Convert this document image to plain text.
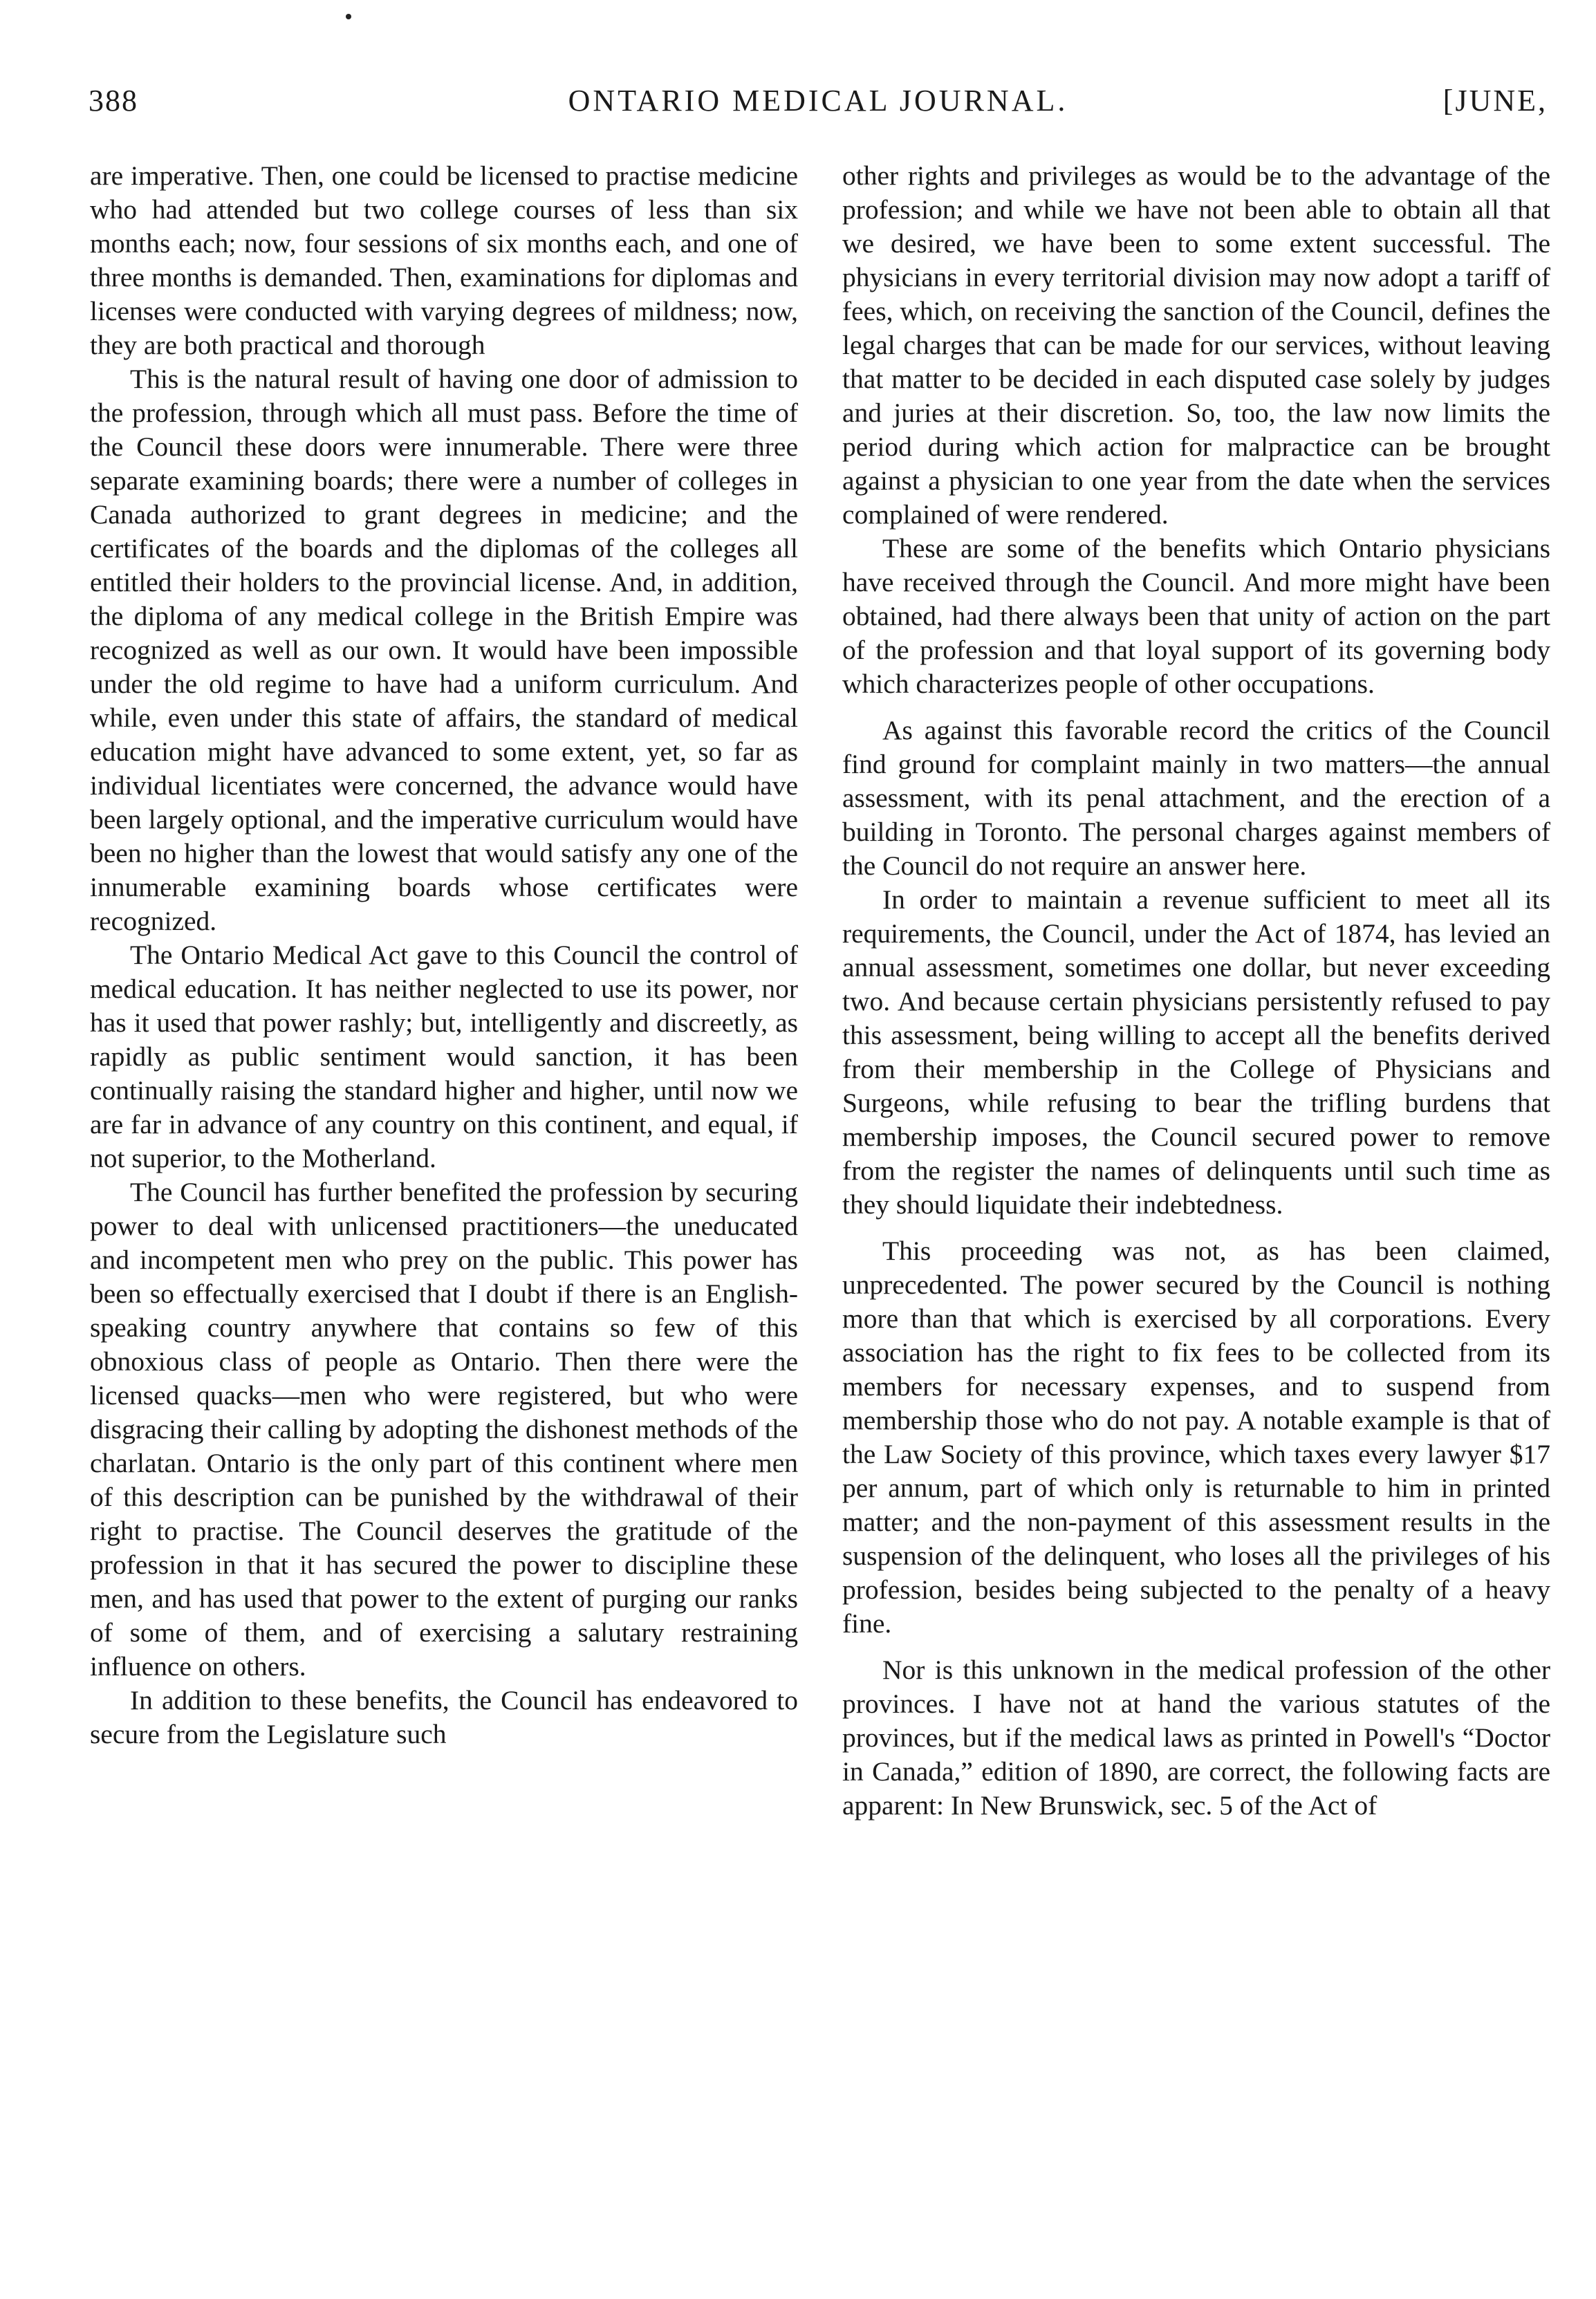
388	ONTARIO MEDICAL JOURNAL.	[JUNE,

are imperative. Then, one could be licensed to practise medicine who had attended but two college courses of less than six months each; now, four sessions of six months each, and one of three months is demanded. Then, examinations for diplomas and licenses were conducted with varying degrees of mildness; now, they are both practical and thorough

This is the natural result of having one door of admission to the profession, through which all must pass. Before the time of the Council these doors were innumerable. There were three separate examining boards; there were a number of colleges in Canada authorized to grant degrees in medicine; and the certificates of the boards and the diplomas of the colleges all entitled their holders to the provincial license. And, in addition, the diploma of any medical college in the British Empire was recognized as well as our own. It would have been impossible under the old regime to have had a uniform curriculum. And while, even under this state of affairs, the standard of medical education might have advanced to some extent, yet, so far as individual licentiates were concerned, the advance would have been largely optional, and the imperative curriculum would have been no higher than the lowest that would satisfy any one of the innumerable examining boards whose certificates were recognized.

The Ontario Medical Act gave to this Council the control of medical education. It has neither neglected to use its power, nor has it used that power rashly; but, intelligently and discreetly, as rapidly as public sentiment would sanction, it has been continually raising the standard higher and higher, until now we are far in advance of any country on this continent, and equal, if not superior, to the Motherland.

The Council has further benefited the profession by securing power to deal with unlicensed practitioners—the uneducated and incompetent men who prey on the public. This power has been so effectually exercised that I doubt if there is an English-speaking country anywhere that contains so few of this obnoxious class of people as Ontario. Then there were the licensed quacks—men who were registered, but who were disgracing their calling by adopting the dishonest methods of the charlatan. Ontario is the only part of this continent where men of this description can be punished by the withdrawal of their right to practise. The Council deserves the gratitude of the profession in that it has secured the power to discipline these men, and has used that power to the extent of purging our ranks of some of them, and of exercising a salutary restraining influence on others.

In addition to these benefits, the Council has endeavored to secure from the Legislature such

other rights and privileges as would be to the advantage of the profession; and while we have not been able to obtain all that we desired, we have been to some extent successful. The physicians in every territorial division may now adopt a tariff of fees, which, on receiving the sanction of the Council, defines the legal charges that can be made for our services, without leaving that matter to be decided in each disputed case solely by judges and juries at their discretion. So, too, the law now limits the period during which action for malpractice can be brought against a physician to one year from the date when the services complained of were rendered.

These are some of the benefits which Ontario physicians have received through the Council. And more might have been obtained, had there always been that unity of action on the part of the profession and that loyal support of its governing body which characterizes people of other occupations.

As against this favorable record the critics of the Council find ground for complaint mainly in two matters—the annual assessment, with its penal attachment, and the erection of a building in Toronto. The personal charges against members of the Council do not require an answer here.

In order to maintain a revenue sufficient to meet all its requirements, the Council, under the Act of 1874, has levied an annual assessment, sometimes one dollar, but never exceeding two. And because certain physicians persistently refused to pay this assessment, being willing to accept all the benefits derived from their membership in the College of Physicians and Surgeons, while refusing to bear the trifling burdens that membership imposes, the Council secured power to remove from the register the names of delinquents until such time as they should liquidate their indebtedness.

This proceeding was not, as has been claimed, unprecedented. The power secured by the Council is nothing more than that which is exercised by all corporations. Every association has the right to fix fees to be collected from its members for necessary expenses, and to suspend from membership those who do not pay. A notable example is that of the Law Society of this province, which taxes every lawyer $17 per annum, part of which only is returnable to him in printed matter; and the non-payment of this assessment results in the suspension of the delinquent, who loses all the privileges of his profession, besides being subjected to the penalty of a heavy fine.

Nor is this unknown in the medical profession of the other provinces. I have not at hand the various statutes of the provinces, but if the medical laws as printed in Powell's “Doctor in Canada,” edition of 1890, are correct, the following facts are apparent: In New Brunswick, sec. 5 of the Act of
